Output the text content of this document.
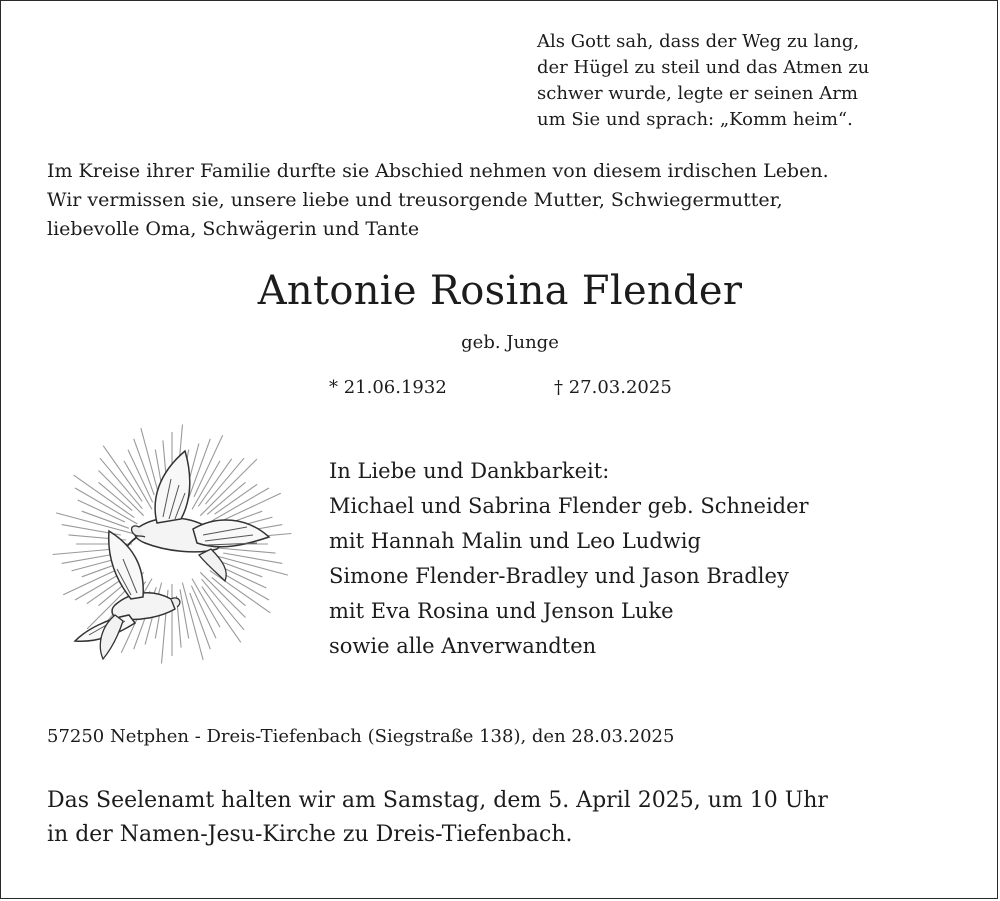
Als Gott sah, dass der Weg zu lang,
der Hügel zu steil und das Atmen zu
schwer wurde, legte er seinen Arm
um Sie und sprach: „Komm heim“.
Im Kreise ihrer Familie durfte sie Abschied nehmen von diesem irdischen Leben.
Wir vermissen sie, unsere liebe und treusorgende Mutter, Schwiegermutter,
liebevolle Oma, Schwägerin und Tante
Antonie Rosina Flender
geb. Junge
* 21.06.1932	† 27.03.2025
In Liebe und Dankbarkeit:
Michael und Sabrina Flender geb. Schneider
mit Hannah Malin und Leo Ludwig
Simone Flender-Bradley und Jason Bradley
mit Eva Rosina und Jenson Luke
sowie alle Anverwandten
57250 Netphen - Dreis-Tiefenbach (Siegstraße 138), den 28.03.2025
Das Seelenamt halten wir am Samstag, dem 5. April 2025, um 10 Uhr
in der Namen-Jesu-Kirche zu Dreis-Tiefenbach.
